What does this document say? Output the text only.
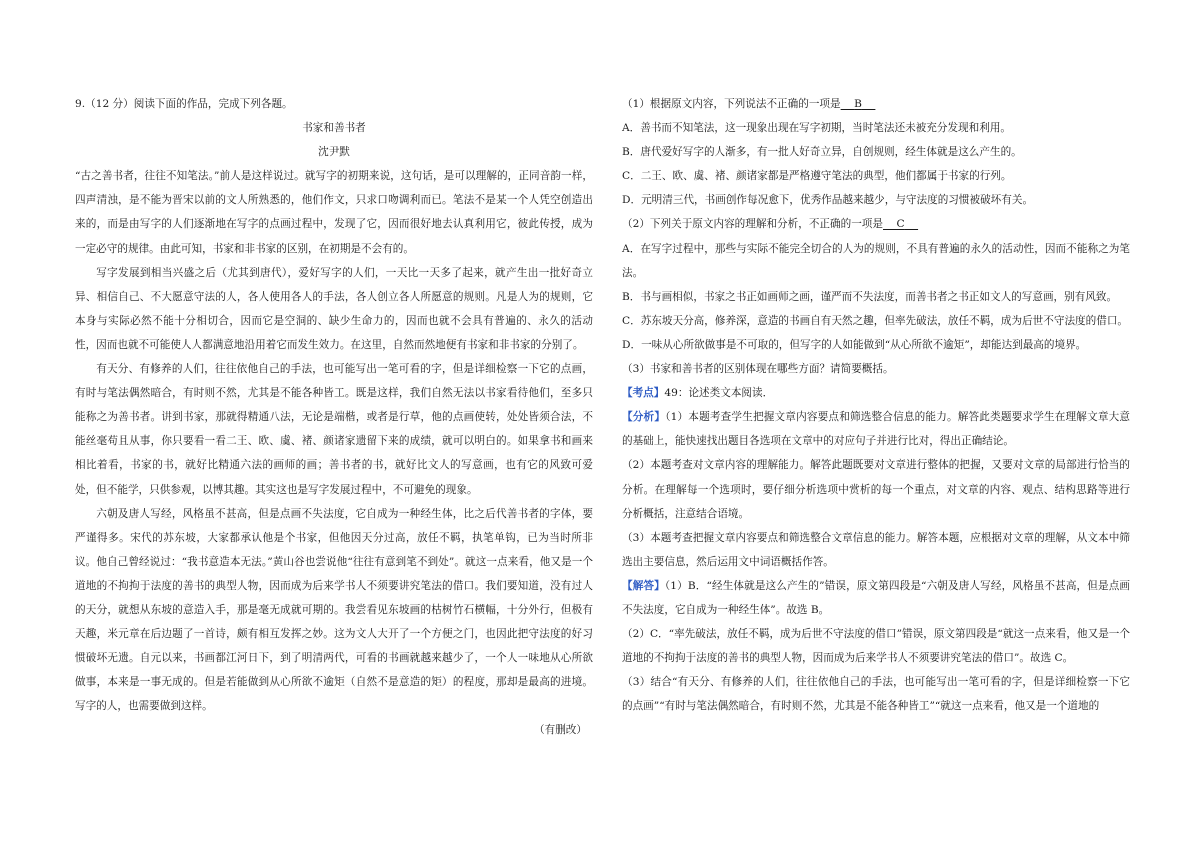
9.（12 分）阅读下面的作品，完成下列各题。

书家和善书者

沈尹默

“古之善书者，往往不知笔法。”前人是这样说过。就写字的初期来说，这句话，是可以理解的，正同音韵一样，四声清浊，是不能为晋宋以前的文人所熟悉的，他们作文，只求口吻调利而已。笔法不是某一个人凭空创造出来的，而是由写字的人们逐渐地在写字的点画过程中，发现了它，因而很好地去认真利用它，彼此传授，成为一定必守的规律。由此可知，书家和非书家的区别，在初期是不会有的。

写字发展到相当兴盛之后（尤其到唐代），爱好写字的人们，一天比一天多了起来，就产生出一批好奇立异、相信自己、不大愿意守法的人，各人使用各人的手法，各人创立各人所愿意的规则。凡是人为的规则，它本身与实际必然不能十分相切合，因而它是空洞的、缺少生命力的，因而也就不会具有普遍的、永久的活动性，因而也就不可能使人人都满意地沿用着它而发生效力。在这里，自然而然地便有书家和非书家的分别了。

有天分、有修养的人们，往往依他自己的手法，也可能写出一笔可看的字，但是详细检察一下它的点画，有时与笔法偶然暗合，有时则不然，尤其是不能各种皆工。既是这样，我们自然无法以书家看待他们，至多只能称之为善书者。讲到书家，那就得精通八法，无论是端楷，或者是行草，他的点画使转，处处皆须合法，不能丝毫苟且从事，你只要看一看二王、欧、虞、褚、颜诸家遗留下来的成绩，就可以明白的。如果拿书和画来相比着看，书家的书，就好比精通六法的画师的画；善书者的书，就好比文人的写意画，也有它的风致可爱处，但不能学，只供参观，以博其趣。其实这也是写字发展过程中，不可避免的现象。

六朝及唐人写经，风格虽不甚高，但是点画不失法度，它自成为一种经生体，比之后代善书者的字体，要严谨得多。宋代的苏东坡，大家都承认他是个书家，但他因天分过高，放任不羁，执笔单钩，已为当时所非议。他自己曾经说过：“我书意造本无法。”黄山谷也尝说他“往往有意到笔不到处”。就这一点来看，他又是一个道地的不拘拘于法度的善书的典型人物，因而成为后来学书人不须要讲究笔法的借口。我们要知道，没有过人的天分，就想从东坡的意造入手，那是毫无成就可期的。我尝看见东坡画的枯树竹石横幅，十分外行，但极有天趣，米元章在后边题了一首诗，颇有相互发挥之妙。这为文人大开了一个方便之门，也因此把守法度的好习惯破坏无遗。自元以来，书画都江河日下，到了明清两代，可看的书画就越来越少了，一个人一味地从心所欲做事，本来是一事无成的。但是若能做到从心所欲不逾矩（自然不是意造的矩）的程度，那却是最高的进境。写字的人，也需要做到这样。

（有删改）

（1）根据原文内容，下列说法不正确的一项是 B

A．善书而不知笔法，这一现象出现在写字初期，当时笔法还未被充分发现和利用。

B．唐代爱好写字的人渐多，有一批人好奇立异，自创规则，经生体就是这么产生的。

C．二王、欧、虞、褚、颜诸家都是严格遵守笔法的典型，他们都属于书家的行列。

D．元明清三代，书画创作每况愈下，优秀作品越来越少，与守法度的习惯被破坏有关。

（2）下列关于原文内容的理解和分析，不正确的一项是 C

A．在写字过程中，那些与实际不能完全切合的人为的规则，不具有普遍的永久的活动性，因而不能称之为笔法。

B．书与画相似，书家之书正如画师之画，谨严而不失法度，而善书者之书正如文人的写意画，别有风致。

C．苏东坡天分高，修养深，意造的书画自有天然之趣，但率先破法，放任不羁，成为后世不守法度的借口。

D．一味从心所欲做事是不可取的，但写字的人如能做到“从心所欲不逾矩”，却能达到最高的境界。

（3）书家和善书者的区别体现在哪些方面？请简要概括。

【考点】49：论述类文本阅读．

【分析】（1）本题考查学生把握文章内容要点和筛选整合信息的能力。解答此类题要求学生在理解文章大意的基础上，能快速找出题目各选项在文章中的对应句子并进行比对，得出正确结论。

（2）本题考查对文章内容的理解能力。解答此题既要对文章进行整体的把握，又要对文章的局部进行恰当的分析。在理解每一个选项时，要仔细分析选项中赏析的每一个重点，对文章的内容、观点、结构思路等进行分析概括，注意结合语境。

（3）本题考查把握文章内容要点和筛选整合文章信息的能力。解答本题，应根据对文章的理解，从文本中筛选出主要信息，然后运用文中词语概括作答。

【解答】（1）B．“经生体就是这么产生的”错误，原文第四段是“六朝及唐人写经，风格虽不甚高，但是点画不失法度，它自成为一种经生体”。故选 B。

（2）C．“率先破法，放任不羁，成为后世不守法度的借口”错误，原文第四段是“就这一点来看，他又是一个道地的不拘拘于法度的善书的典型人物，因而成为后来学书人不须要讲究笔法的借口”。故选 C。

（3）结合“有天分、有修养的人们，往往依他自己的手法，也可能写出一笔可看的字，但是详细检察一下它的点画”“有时与笔法偶然暗合，有时则不然，尤其是不能各种皆工”“就这一点来看，他又是一个道地的
